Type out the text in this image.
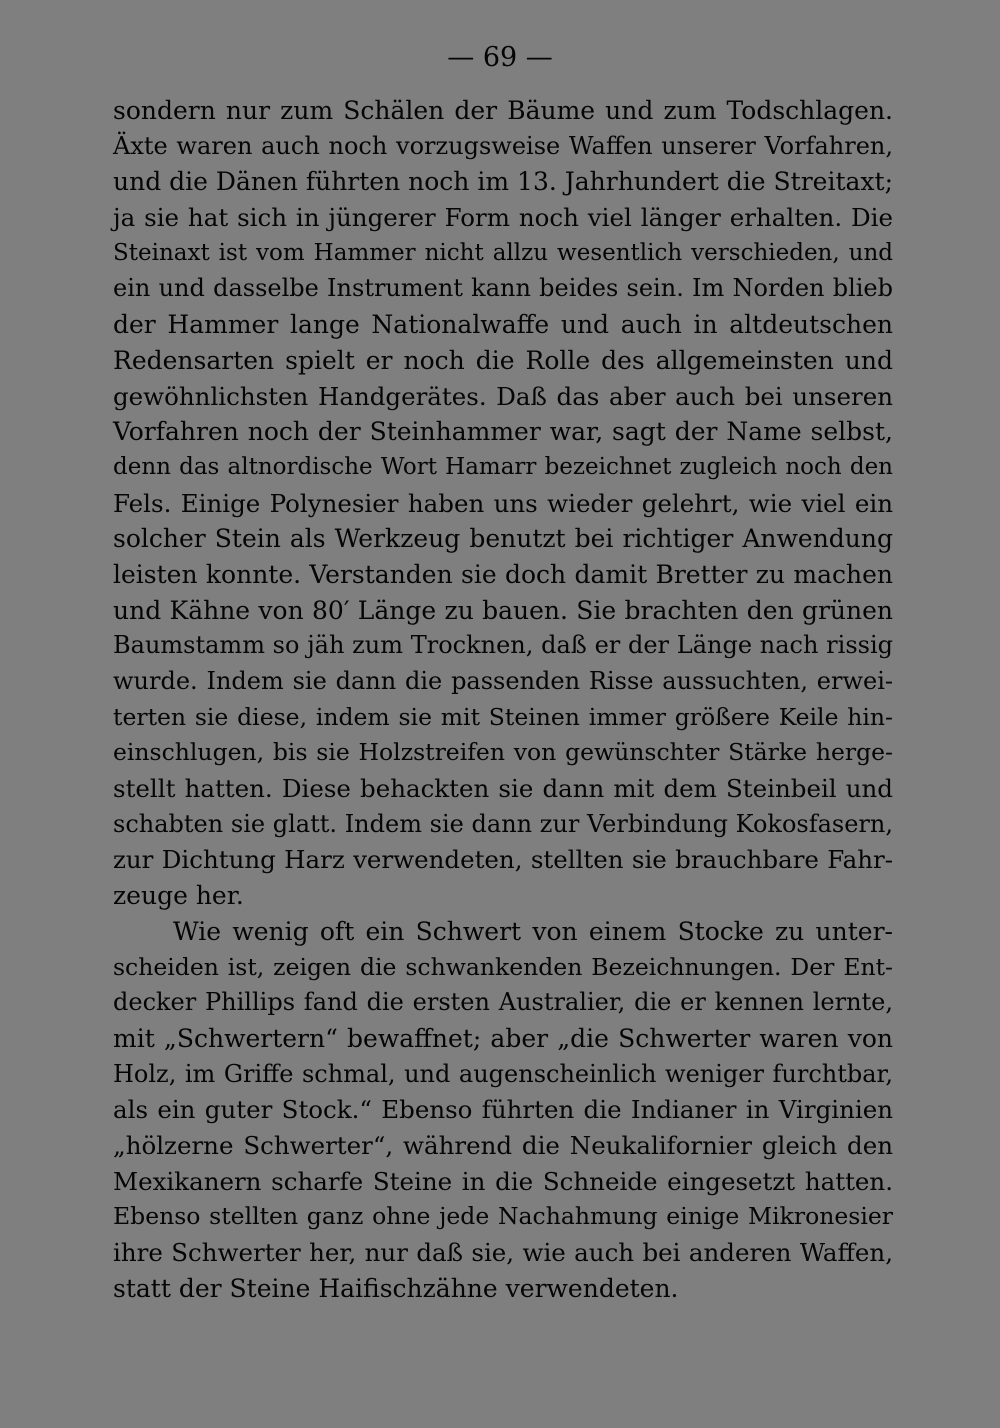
— 69 —
sondern nur zum Schälen der Bäume und zum Todschlagen.
Äxte waren auch noch vorzugsweise Waffen unserer Vorfahren,
und die Dänen führten noch im 13. Jahrhundert die Streitaxt;
ja sie hat sich in jüngerer Form noch viel länger erhalten. Die
Steinaxt ist vom Hammer nicht allzu wesentlich verschieden, und
ein und dasselbe Instrument kann beides sein. Im Norden blieb
der Hammer lange Nationalwaffe und auch in altdeutschen
Redensarten spielt er noch die Rolle des allgemeinsten und
gewöhnlichsten Handgerätes. Daß das aber auch bei unseren
Vorfahren noch der Steinhammer war, sagt der Name selbst,
denn das altnordische Wort Hamarr bezeichnet zugleich noch den
Fels. Einige Polynesier haben uns wieder gelehrt, wie viel ein
solcher Stein als Werkzeug benutzt bei richtiger Anwendung
leisten konnte. Verstanden sie doch damit Bretter zu machen
und Kähne von 80′ Länge zu bauen. Sie brachten den grünen
Baumstamm so jäh zum Trocknen, daß er der Länge nach rissig
wurde. Indem sie dann die passenden Risse aussuchten, erwei-
terten sie diese, indem sie mit Steinen immer größere Keile hin-
einschlugen, bis sie Holzstreifen von gewünschter Stärke herge-
stellt hatten. Diese behackten sie dann mit dem Steinbeil und
schabten sie glatt. Indem sie dann zur Verbindung Kokosfasern,
zur Dichtung Harz verwendeten, stellten sie brauchbare Fahr-
zeuge her.
Wie wenig oft ein Schwert von einem Stocke zu unter-
scheiden ist, zeigen die schwankenden Bezeichnungen. Der Ent-
decker Phillips fand die ersten Australier, die er kennen lernte,
mit „Schwertern“ bewaffnet; aber „die Schwerter waren von
Holz, im Griffe schmal, und augenscheinlich weniger furchtbar,
als ein guter Stock.“ Ebenso führten die Indianer in Virginien
„hölzerne Schwerter“, während die Neukalifornier gleich den
Mexikanern scharfe Steine in die Schneide eingesetzt hatten.
Ebenso stellten ganz ohne jede Nachahmung einige Mikronesier
ihre Schwerter her, nur daß sie, wie auch bei anderen Waffen,
statt der Steine Haifischzähne verwendeten.
